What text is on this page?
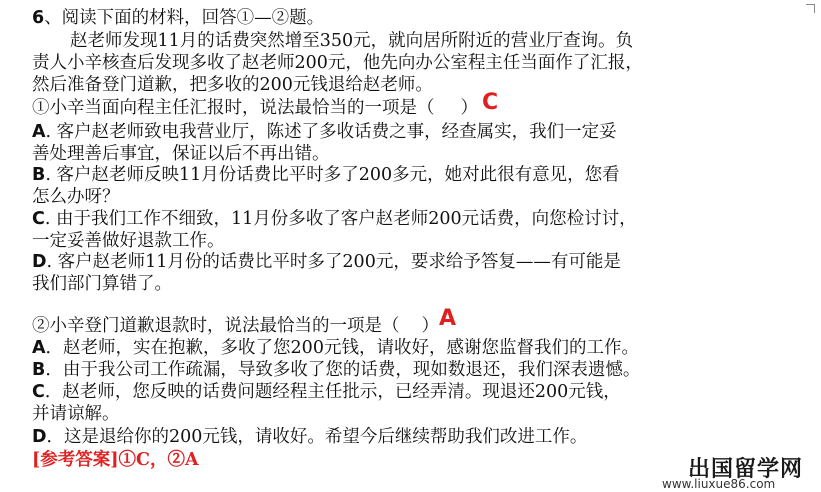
6、阅读下面的材料，回答①—②题。
赵老师发现11月的话费突然增至350元，就向居所附近的营业厅查询。负
责人小辛核查后发现多收了赵老师200元，他先向办公室程主任当面作了汇报，
然后准备登门道歉，把多收的200元钱退给赵老师。
①小辛当面向程主任汇报时，说法最恰当的一项是（ ） C
A. 客户赵老师致电我营业厅，陈述了多收话费之事，经查属实，我们一定妥
善处理善后事宜，保证以后不再出错。
B. 客户赵老师反映11月份话费比平时多了200多元，她对此很有意见，您看
怎么办呀？
C. 由于我们工作不细致，11月份多收了客户赵老师200元话费，向您检讨讨，
一定妥善做好退款工作。
D. 客户赵老师11月份的话费比平时多了200元，要求给予答复——有可能是
我们部门算错了。
②小辛登门道歉退款时，说法最恰当的一项是（ ） A
A．赵老师，实在抱歉，多收了您200元钱，请收好，感谢您监督我们的工作。
B．由于我公司工作疏漏，导致多收了您的话费，现如数退还，我们深表遗憾。
C．赵老师，您反映的话费问题经程主任批示，已经弄清。现退还200元钱，
并请谅解。
D．这是退给你的200元钱，请收好。希望今后继续帮助我们改进工作。
[参考答案]①C，②A	出国留学网
www.liuxue86.com
